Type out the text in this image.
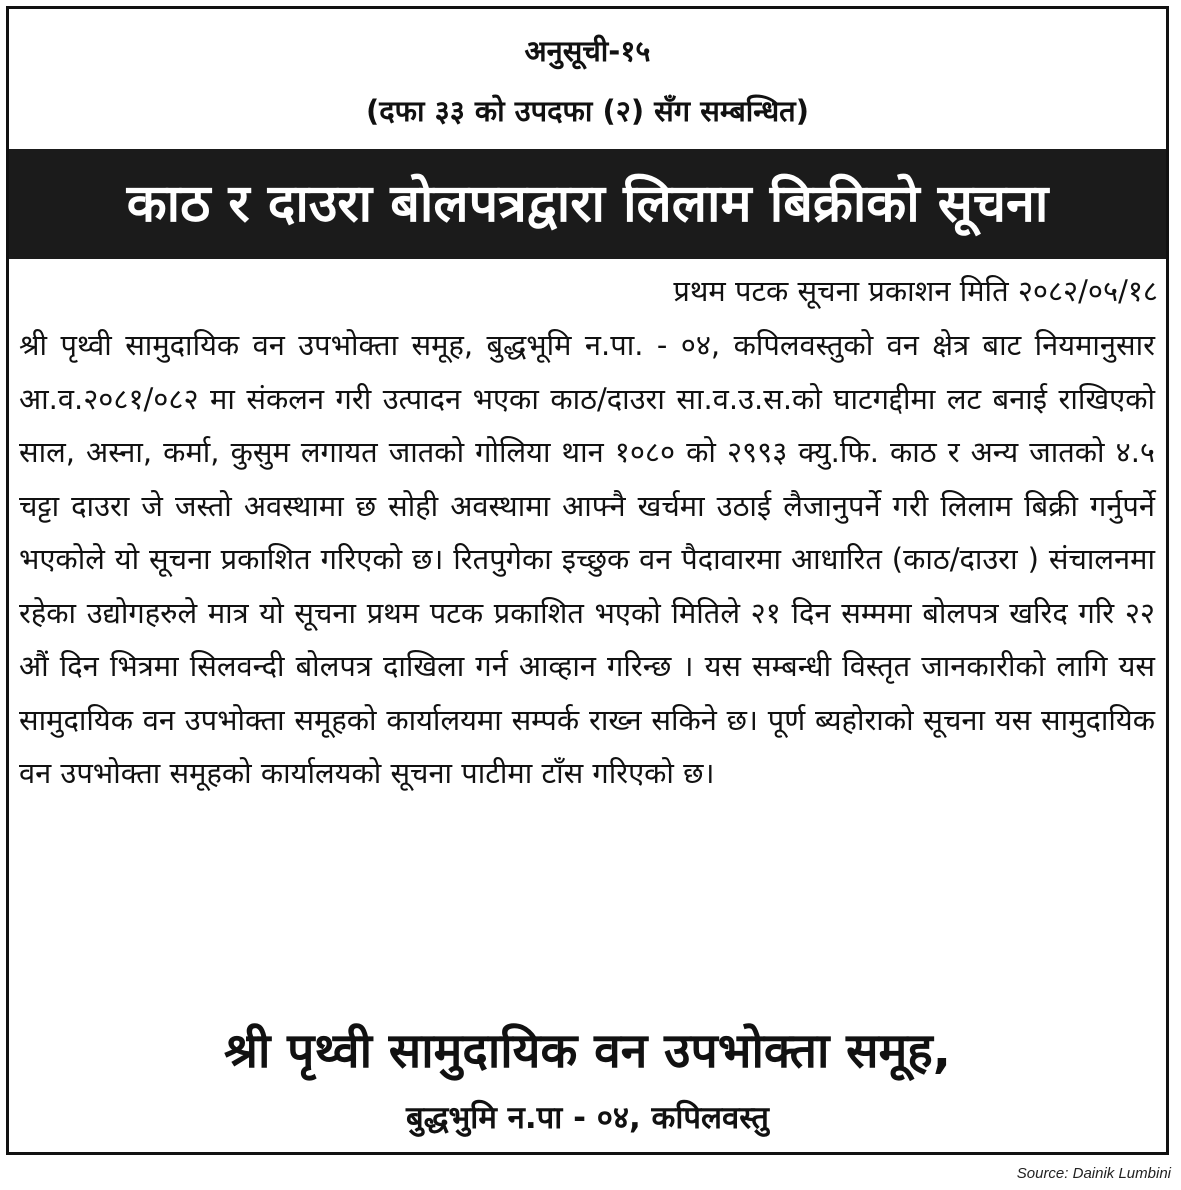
अनुसूची-१५
(दफा ३३ को उपदफा (२) सँग सम्बन्धित)
काठ र दाउरा बोलपत्रद्वारा लिलाम बिक्रीको सूचना
प्रथम पटक सूचना प्रकाशन मिति २०८२/०५/१८

श्री पृथ्वी सामुदायिक वन उपभोक्ता समूह, बुद्धभूमि न.पा. - ०४, कपिलवस्तुको वन क्षेत्र बाट नियमानुसार आ.व.२०८१/०८२ मा संकलन गरी उत्पादन भएका काठ/दाउरा सा.व.उ.स.को घाटगद्दीमा लट बनाई राखिएको साल, अस्ना, कर्मा, कुसुम लगायत जातको गोलिया थान १०८० को २९९३ क्यु.फि. काठ र अन्य जातको ४.५ चट्टा दाउरा जे जस्तो अवस्थामा छ सोही अवस्थामा आफ्नै खर्चमा उठाई लैजानुपर्ने गरी लिलाम बिक्री गर्नुपर्ने भएकोले यो सूचना प्रकाशित गरिएको छ। रितपुगेका इच्छुक वन पैदावारमा आधारित (काठ/दाउरा ) संचालनमा रहेका उद्योगहरुले मात्र यो सूचना प्रथम पटक प्रकाशित भएको मितिले २१ दिन सम्ममा बोलपत्र खरिद गरि २२ औं दिन भित्रमा सिलवन्दी बोलपत्र दाखिला गर्न आव्हान गरिन्छ । यस सम्बन्धी विस्तृत जानकारीको लागि यस सामुदायिक वन उपभोक्ता समूहको कार्यालयमा सम्पर्क राख्न सकिने छ। पूर्ण ब्यहोराको सूचना यस सामुदायिक वन उपभोक्ता समूहको कार्यालयको सूचना पाटीमा टाँस गरिएको छ।

श्री पृथ्वी सामुदायिक वन उपभोक्ता समूह,
बुद्धभुमि न.पा - ०४, कपिलवस्तु
Source: Dainik Lumbini
